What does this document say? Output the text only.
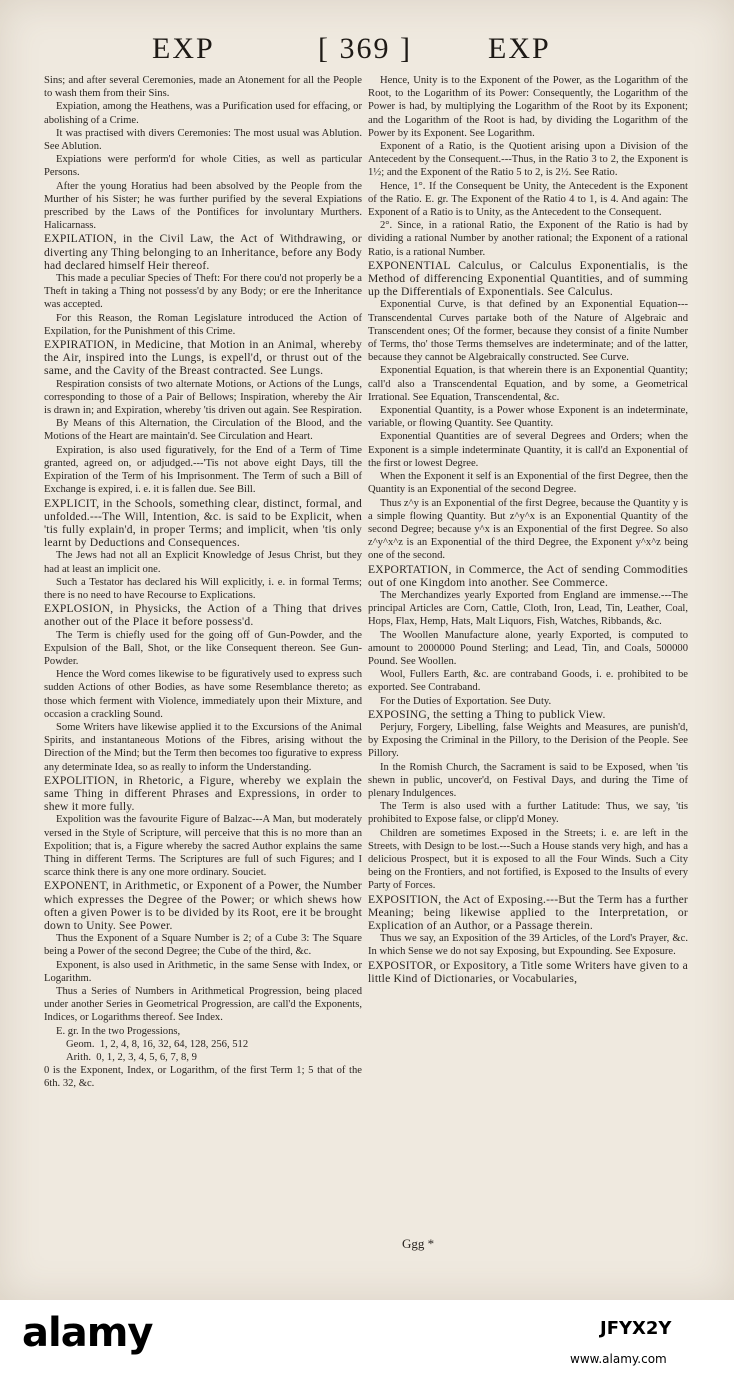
EXP	[ 369 ]	EXP

Sins; and after several Ceremonies, made an Atonement for all the People to wash them from their Sins.

Expiation, among the Heathens, was a Purification used for effacing, or abolishing of a Crime.

It was practised with divers Ceremonies: The most usual was Ablution. See Ablution.

Expiations were perform'd for whole Cities, as well as particular Persons.

After the young Horatius had been absolved by the People from the Murther of his Sister; he was further purified by the several Expiations prescribed by the Laws of the Pontifices for involuntary Murthers. Halicarnass.

EXPILATION, in the Civil Law, the Act of Withdrawing, or diverting any Thing belonging to an Inheritance, before any Body had declared himself Heir thereof.

This made a peculiar Species of Theft: For there cou'd not properly be a Theft in taking a Thing not possess'd by any Body; or ere the Inheritance was accepted.

For this Reason, the Roman Legislature introduced the Action of Expilation, for the Punishment of this Crime.

EXPIRATION, in Medicine, that Motion in an Animal, whereby the Air, inspired into the Lungs, is expell'd, or thrust out of the same, and the Cavity of the Breast contracted. See Lungs.

Respiration consists of two alternate Motions, or Actions of the Lungs, corresponding to those of a Pair of Bellows; Inspiration, whereby the Air is drawn in; and Expiration, whereby 'tis driven out again. See Respiration.

By Means of this Alternation, the Circulation of the Blood, and the Motions of the Heart are maintain'd. See Circulation and Heart.

Expiration, is also used figuratively, for the End of a Term of Time granted, agreed on, or adjudged.---'Tis not above eight Days, till the Expiration of the Term of his Imprisonment. The Term of such a Bill of Exchange is expired, i. e. it is fallen due. See Bill.

EXPLICIT, in the Schools, something clear, distinct, formal, and unfolded.---The Will, Intention, &c. is said to be Explicit, when 'tis fully explain'd, in proper Terms; and implicit, when 'tis only learnt by Deductions and Consequences.

The Jews had not all an Explicit Knowledge of Jesus Christ, but they had at least an implicit one.

Such a Testator has declared his Will explicitly, i. e. in formal Terms; there is no need to have Recourse to Explications.

EXPLOSION, in Physicks, the Action of a Thing that drives another out of the Place it before possess'd.

The Term is chiefly used for the going off of Gun-Powder, and the Expulsion of the Ball, Shot, or the like Consequent thereon. See Gun-Powder.

Hence the Word comes likewise to be figuratively used to express such sudden Actions of other Bodies, as have some Resemblance thereto; as those which ferment with Violence, immediately upon their Mixture, and occasion a crackling Sound.

Some Writers have likewise applied it to the Excursions of the Animal Spirits, and instantaneous Motions of the Fibres, arising without the Direction of the Mind; but the Term then becomes too figurative to express any determinate Idea, so as really to inform the Understanding.

EXPOLITION, in Rhetoric, a Figure, whereby we explain the same Thing in different Phrases and Expressions, in order to shew it more fully.

Expolition was the favourite Figure of Balzac---A Man, but moderately versed in the Style of Scripture, will perceive that this is no more than an Expolition; that is, a Figure whereby the sacred Author explains the same Thing in different Terms. The Scriptures are full of such Figures; and I scarce think there is any one more ordinary. Souciet.

EXPONENT, in Arithmetic, or Exponent of a Power, the Number which expresses the Degree of the Power; or which shews how often a given Power is to be divided by its Root, ere it be brought down to Unity. See Power.

Thus the Exponent of a Square Number is 2; of a Cube 3: The Square being a Power of the second Degree; the Cube of the third, &c.

Exponent, is also used in Arithmetic, in the same Sense with Index, or Logarithm.

Thus a Series of Numbers in Arithmetical Progression, being placed under another Series in Geometrical Progression, are call'd the Exponents, Indices, or Logarithms thereof. See Index.

E. gr. In the two Progessions,

Geom.  1, 2, 4, 8, 16, 32, 64, 128, 256, 512

Arith.  0, 1, 2, 3, 4, 5, 6, 7, 8, 9

0 is the Exponent, Index, or Logarithm, of the first Term 1; 5 that of the 6th. 32, &c.

Hence, Unity is to the Exponent of the Power, as the Logarithm of the Root, to the Logarithm of its Power: Consequently, the Logarithm of the Power is had, by multiplying the Logarithm of the Root by its Exponent; and the Logarithm of the Root is had, by dividing the Logarithm of the Power by its Exponent. See Logarithm.

Exponent of a Ratio, is the Quotient arising upon a Division of the Antecedent by the Consequent.---Thus, in the Ratio 3 to 2, the Exponent is 1½; and the Exponent of the Ratio 5 to 2, is 2½. See Ratio.

Hence, 1°. If the Consequent be Unity, the Antecedent is the Exponent of the Ratio. E. gr. The Exponent of the Ratio 4 to 1, is 4. And again: The Exponent of a Ratio is to Unity, as the Antecedent to the Consequent.

2°. Since, in a rational Ratio, the Exponent of the Ratio is had by dividing a rational Number by another rational; the Exponent of a rational Ratio, is a rational Number.

EXPONENTIAL Calculus, or Calculus Exponentialis, is the Method of differencing Exponential Quantities, and of summing up the Differentials of Exponentials. See Calculus.

Exponential Curve, is that defined by an Exponential Equation---Transcendental Curves partake both of the Nature of Algebraic and Transcendent ones; Of the former, because they consist of a finite Number of Terms, tho' those Terms themselves are indeterminate; and of the latter, because they cannot be Algebraically constructed. See Curve.

Exponential Equation, is that wherein there is an Exponential Quantity; call'd also a Transcendental Equation, and by some, a Geometrical Irrational. See Equation, Transcendental, &c.

Exponential Quantity, is a Power whose Exponent is an indeterminate, variable, or flowing Quantity. See Quantity.

Exponential Quantities are of several Degrees and Orders; when the Exponent is a simple indeterminate Quantity, it is call'd an Exponential of the first or lowest Degree.

When the Exponent it self is an Exponential of the first Degree, then the Quantity is an Exponential of the second Degree.

Thus z^y is an Exponential of the first Degree, because the Quantity y is a simple flowing Quantity. But z^y^x is an Exponential Quantity of the second Degree; because y^x is an Exponential of the first Degree. So also z^y^x^z is an Exponential of the third Degree, the Exponent y^x^z being one of the second.

EXPORTATION, in Commerce, the Act of sending Commodities out of one Kingdom into another. See Commerce.

The Merchandizes yearly Exported from England are immense.---The principal Articles are Corn, Cattle, Cloth, Iron, Lead, Tin, Leather, Coal, Hops, Flax, Hemp, Hats, Malt Liquors, Fish, Watches, Ribbands, &c.

The Woollen Manufacture alone, yearly Exported, is computed to amount to 2000000 Pound Sterling; and Lead, Tin, and Coals, 500000 Pound. See Woollen.

Wool, Fullers Earth, &c. are contraband Goods, i. e. prohibited to be exported. See Contraband.

For the Duties of Exportation. See Duty.

EXPOSING, the setting a Thing to publick View.

Perjury, Forgery, Libelling, false Weights and Measures, are punish'd, by Exposing the Criminal in the Pillory, to the Derision of the People. See Pillory.

In the Romish Church, the Sacrament is said to be Exposed, when 'tis shewn in public, uncover'd, on Festival Days, and during the Time of plenary Indulgences.

The Term is also used with a further Latitude: Thus, we say, 'tis prohibited to Expose false, or clipp'd Money.

Children are sometimes Exposed in the Streets; i. e. are left in the Streets, with Design to be lost.---Such a House stands very high, and has a delicious Prospect, but it is exposed to all the Four Winds. Such a City being on the Frontiers, and not fortified, is Exposed to the Insults of every Party of Forces.

EXPOSITION, the Act of Exposing.---But the Term has a further Meaning; being likewise applied to the Interpretation, or Explication of an Author, or a Passage therein.

Thus we say, an Exposition of the 39 Articles, of the Lord's Prayer, &c. In which Sense we do not say Exposing, but Expounding. See Exposure.

EXPOSITOR, or Expository, a Title some Writers have given to a little Kind of Dictionaries, or Vocabularies,

Ggg *
alamy	JFYX2Y
www.alamy.com
